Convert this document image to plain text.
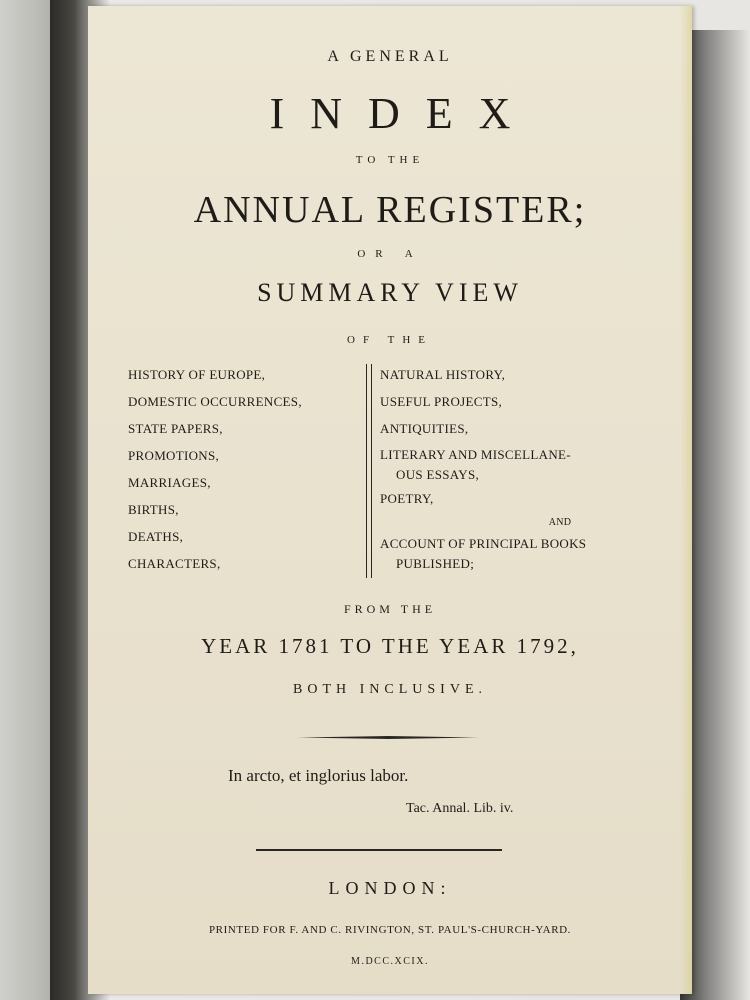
A GENERAL
INDEX
TO THE
ANNUAL REGISTER;
OR A
SUMMARY VIEW
OF THE
HISTORY OF EUROPE,
DOMESTIC OCCURRENCES,
STATE PAPERS,
PROMOTIONS,
MARRIAGES,
BIRTHS,
DEATHS,
CHARACTERS,
NATURAL HISTORY,
USEFUL PROJECTS,
ANTIQUITIES,
LITERARY AND MISCELLANE-
OUS ESSAYS,
POETRY,
AND
ACCOUNT OF PRINCIPAL BOOKS
PUBLISHED;
FROM THE
YEAR 1781 TO THE YEAR 1792,
BOTH INCLUSIVE.
In arcto, et inglorius labor.
Tac. Annal. Lib. iv.
LONDON:
PRINTED FOR F. AND C. RIVINGTON, ST. PAUL'S-CHURCH-YARD.
M.DCC.XCIX.
